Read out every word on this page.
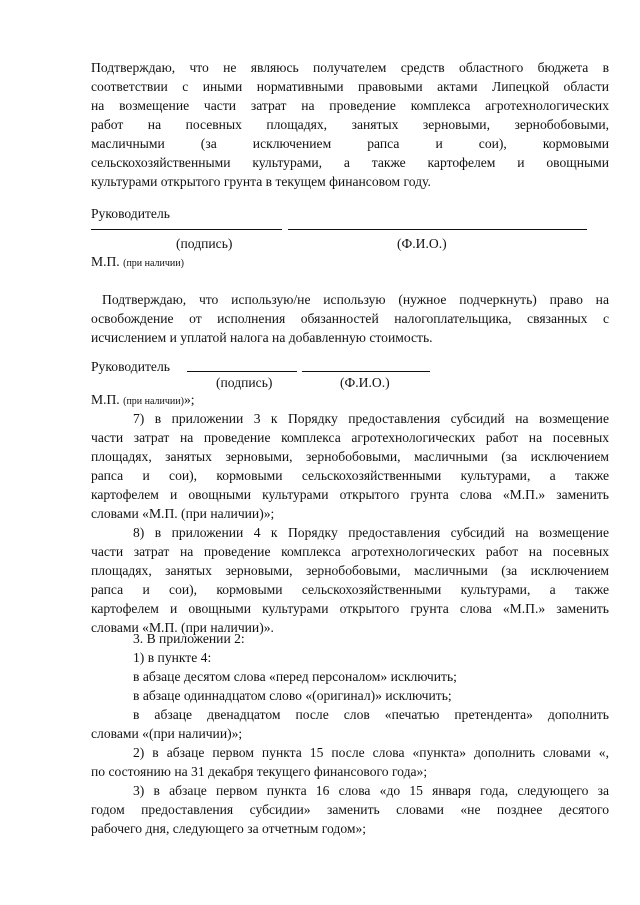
Подтверждаю, что не являюсь получателем средств областного бюджета в
соответствии с иными нормативными правовыми актами Липецкой области
на возмещение части затрат на проведение комплекса агротехнологических
работ на посевных площадях, занятых зерновыми, зернобобовыми,
масличными (за исключением рапса и сои), кормовыми
сельскохозяйственными культурами, а также картофелем и овощными
культурами открытого грунта в текущем финансовом году.
Руководитель
(подпись)	(Ф.И.О.)
М.П. (при наличии)
Подтверждаю, что использую/не использую (нужное подчеркнуть) право на
освобождение от исполнения обязанностей налогоплательщика, связанных с
исчислением и уплатой налога на добавленную стоимость.
Руководитель
(подпись)	(Ф.И.О.)
М.П. (при наличии)»;
7) в приложении 3 к Порядку предоставления субсидий на возмещение
части затрат на проведение комплекса агротехнологических работ на посевных
площадях, занятых зерновыми, зернобобовыми, масличными (за исключением
рапса и сои), кормовыми сельскохозяйственными культурами, а также
картофелем и овощными культурами открытого грунта слова «М.П.» заменить
словами «М.П. (при наличии)»;
8) в приложении 4 к Порядку предоставления субсидий на возмещение
части затрат на проведение комплекса агротехнологических работ на посевных
площадях, занятых зерновыми, зернобобовыми, масличными (за исключением
рапса и сои), кормовыми сельскохозяйственными культурами, а также
картофелем и овощными культурами открытого грунта слова «М.П.» заменить
словами «М.П. (при наличии)».
3. В приложении 2:
1) в пункте 4:
в абзаце десятом слова «перед персоналом» исключить;
в абзаце одиннадцатом слово «(оригинал)» исключить;
в абзаце двенадцатом после слов «печатью претендента» дополнить
словами «(при наличии)»;
2) в абзаце первом пункта 15 после слова «пункта» дополнить словами «,
по состоянию на 31 декабря текущего финансового года»;
3) в абзаце первом пункта 16 слова «до 15 января года, следующего за
годом предоставления субсидии» заменить словами «не позднее десятого
рабочего дня, следующего за отчетным годом»;
